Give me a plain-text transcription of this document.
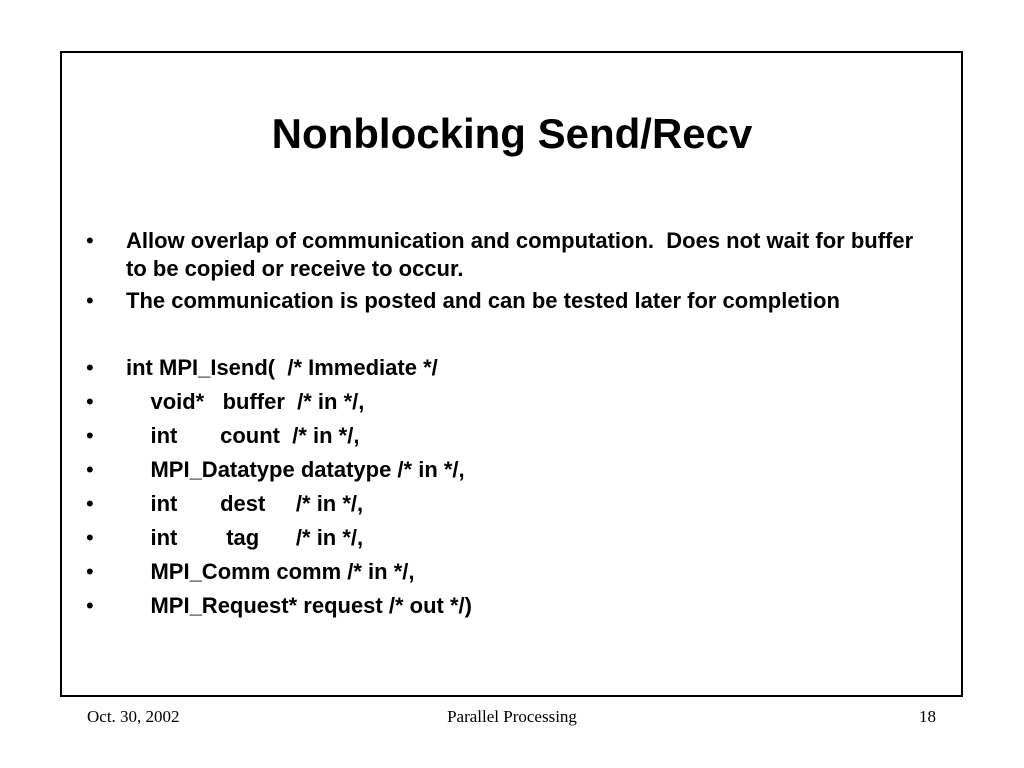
Nonblocking Send/Recv
• Allow overlap of communication and computation.  Does not wait for buffer to be copied or receive to occur.
• The communication is posted and can be tested later for completion
• int MPI_Isend(  /* Immediate */
• void*   buffer  /* in */,
• int       count  /* in */,
• MPI_Datatype datatype /* in */,
• int       dest     /* in */,
• int        tag      /* in */,
• MPI_Comm comm /* in */,
• MPI_Request* request /* out */)
Oct. 30, 2002	Parallel Processing	18
